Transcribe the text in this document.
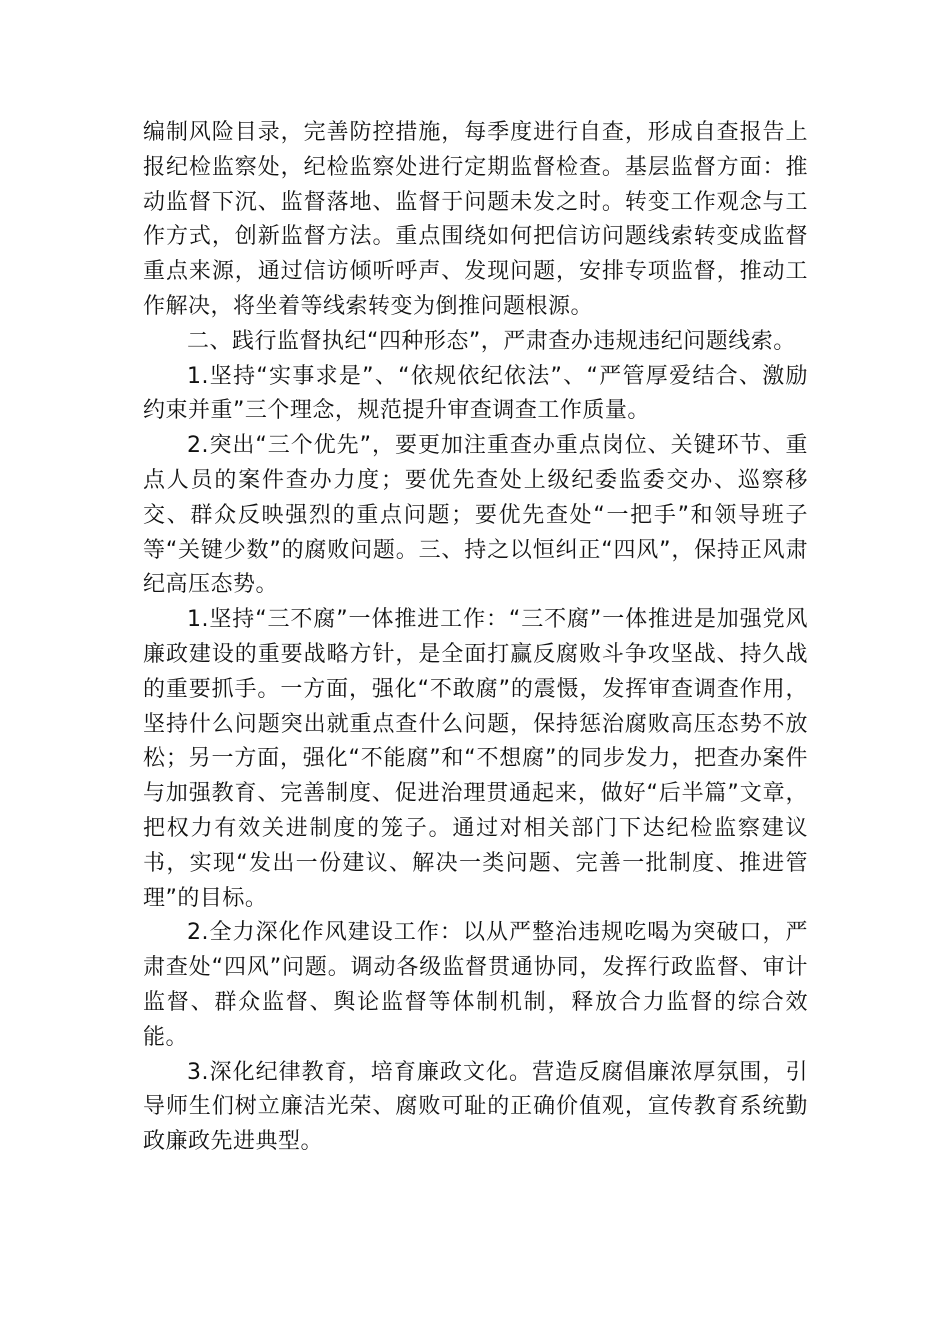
编制风险目录，完善防控措施，每季度进行自查，形成自查报告上报纪检监察处，纪检监察处进行定期监督检查。基层监督方面：推动监督下沉、监督落地、监督于问题未发之时。转变工作观念与工作方式，创新监督方法。重点围绕如何把信访问题线索转变成监督重点来源，通过信访倾听呼声、发现问题，安排专项监督，推动工作解决，将坐着等线索转变为倒推问题根源。

二、践行监督执纪“四种形态”，严肃查办违规违纪问题线索。

1.坚持“实事求是”、“依规依纪依法”、“严管厚爱结合、激励约束并重”三个理念，规范提升审查调查工作质量。

2.突出“三个优先”，要更加注重查办重点岗位、关键环节、重点人员的案件查办力度；要优先查处上级纪委监委交办、巡察移交、群众反映强烈的重点问题；要优先查处“一把手”和领导班子等“关键少数”的腐败问题。三、持之以恒纠正“四风”，保持正风肃纪高压态势。

1.坚持“三不腐”一体推进工作：“三不腐”一体推进是加强党风廉政建设的重要战略方针，是全面打赢反腐败斗争攻坚战、持久战的重要抓手。一方面，强化“不敢腐”的震慑，发挥审查调查作用，坚持什么问题突出就重点查什么问题，保持惩治腐败高压态势不放松；另一方面，强化“不能腐”和“不想腐”的同步发力，把查办案件与加强教育、完善制度、促进治理贯通起来，做好“后半篇”文章，把权力有效关进制度的笼子。通过对相关部门下达纪检监察建议书，实现“发出一份建议、解决一类问题、完善一批制度、推进管理”的目标。

2.全力深化作风建设工作：以从严整治违规吃喝为突破口，严肃查处“四风”问题。调动各级监督贯通协同，发挥行政监督、审计监督、群众监督、舆论监督等体制机制，释放合力监督的综合效能。

3.深化纪律教育，培育廉政文化。营造反腐倡廉浓厚氛围，引导师生们树立廉洁光荣、腐败可耻的正确价值观，宣传教育系统勤政廉政先进典型。
